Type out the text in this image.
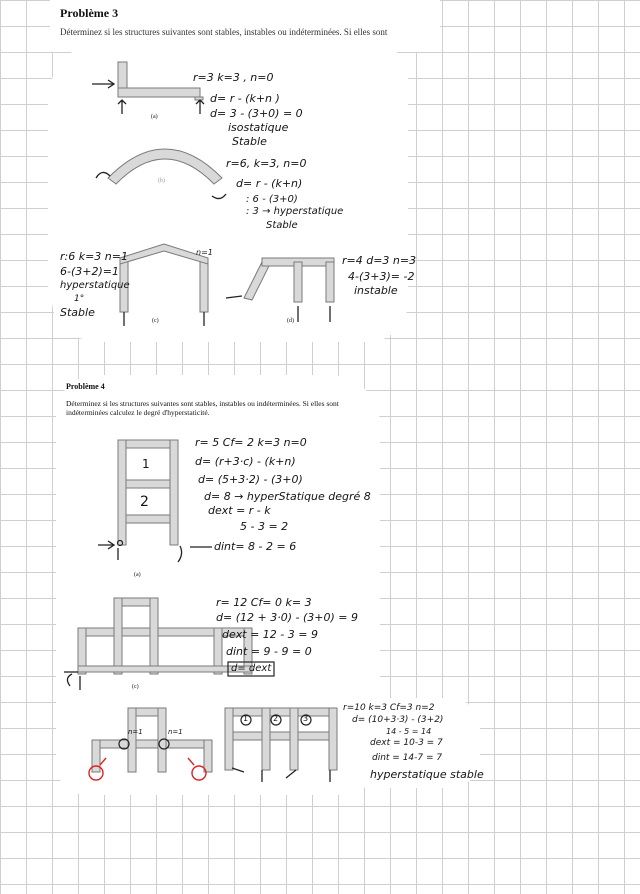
Problème 3
Déterminez si les structures suivantes sont stables, instables ou indéterminées. Si elles sont
(a)
r=3 k=3 , n=0
d= r - (k+n )
d= 3 - (3+0) = 0
isostatique
Stable
(b)
r=6, k=3, n=0
d= r - (k+n)
: 6 - (3+0)
: 3 → hyperstatique
Stable
n=1
r:6 k=3 n=1
6-(3+2)=1
hyperstatique
1°
Stable
(c)
r=4 d=3 n=3
4-(3+3)= -2
instable
(d)
Problème 4
Déterminez si les structures suivantes sont stables, instables ou indéterminées. Si elles sont indéterminées calculez le degré d'hyperstaticité.
1
2
(a)
r= 5 Cf= 2 k=3 n=0
d= (r+3·c) - (k+n)
d= (5+3·2) - (3+0)
d= 8 → hyperStatique degré 8
dext = r - k
5 - 3 = 2
dint= 8 - 2 = 6
r= 12 Cf= 0 k= 3
d= (12 + 3·0) - (3+0) = 9
dext = 12 - 3 = 9
dint = 9 - 9 = 0
d= dext
(c)
1	2	3
n=1	n=1
r=10 k=3 Cf=3 n=2
d= (10+3·3) - (3+2)
14 - 5 = 14
dext = 10-3 = 7
dint = 14-7 = 7
hyperstatique stable
